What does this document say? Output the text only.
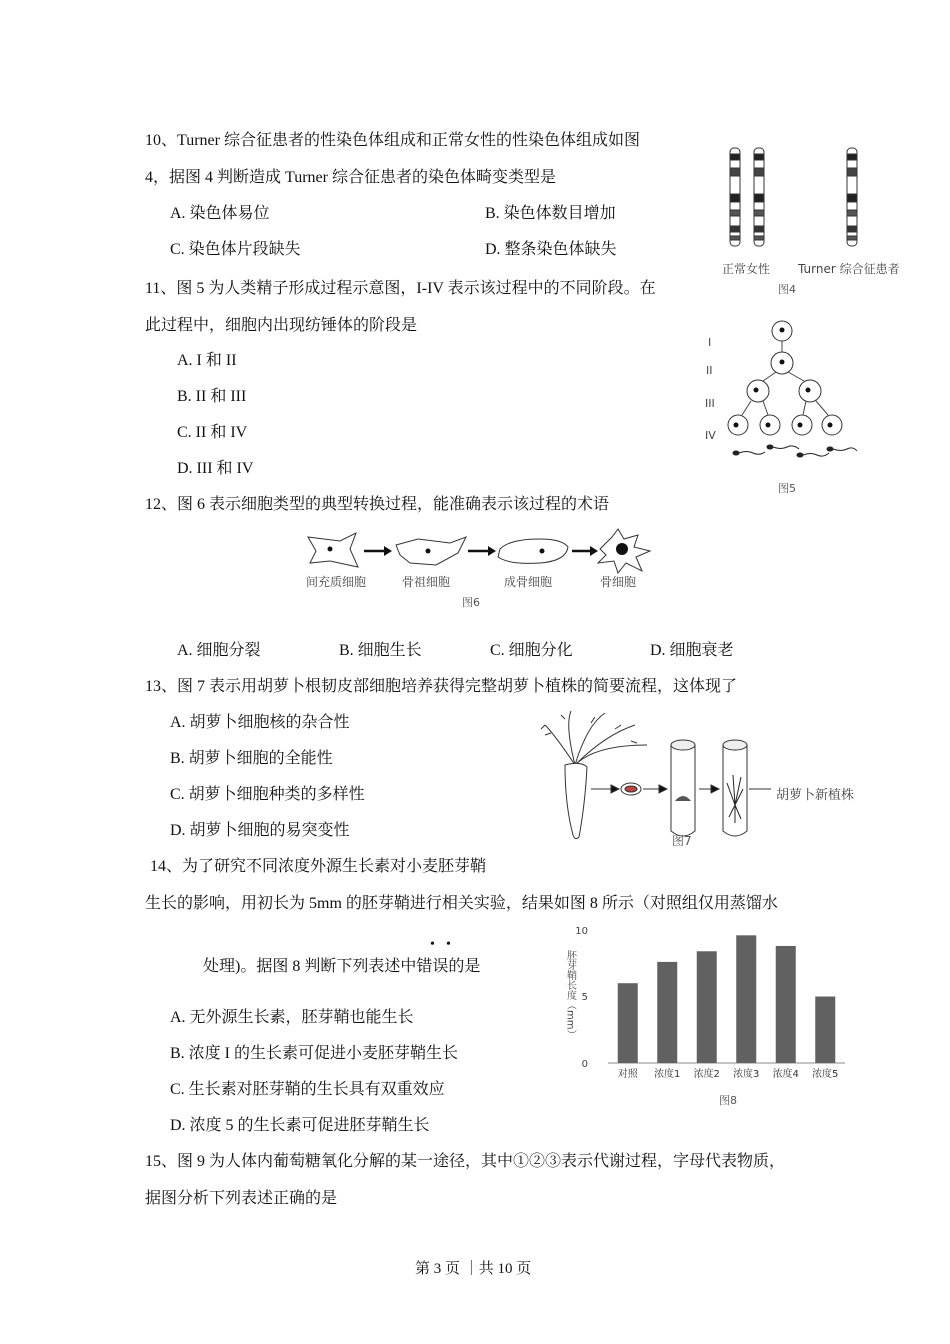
10、Turner 综合征患者的性染色体组成和正常女性的性染色体组成如图
4，据图 4 判断造成 Turner 综合征患者的染色体畸变类型是
A. 染色体易位	B. 染色体数目增加
C. 染色体片段缺失	D. 整条染色体缺失
正常女性 Turner 综合征患者
图4
11、图 5 为人类精子形成过程示意图，I-IV 表示该过程中的不同阶段。在
此过程中，细胞内出现纺锤体的阶段是
A. I 和 II
B. II 和 III
C. II 和 IV
D. III 和 IV
I
II
III
IV
图5
12、图 6 表示细胞类型的典型转换过程，能准确表示该过程的术语
间充质细胞	骨祖细胞	成骨细胞	骨细胞
图6
A. 细胞分裂	B. 细胞生长	C. 细胞分化	D. 细胞衰老
13、图 7 表示用胡萝卜根韧皮部细胞培养获得完整胡萝卜植株的简要流程，这体现了
A. 胡萝卜细胞核的杂合性
B. 胡萝卜细胞的全能性
C. 胡萝卜细胞种类的多样性
D. 胡萝卜细胞的易突变性
胡萝卜新植株
图7
14、为了研究不同浓度外源生长素对小麦胚芽鞘
生长的影响，用初长为 5mm 的胚芽鞘进行相关实验，结果如图 8 所示（对照组仅用蒸馏水
处理)。据图 8 判断下列表述中错误的是
• •
A. 无外源生长素，胚芽鞘也能生长
B. 浓度 I 的生长素可促进小麦胚芽鞘生长
C. 生长素对胚芽鞘的生长具有双重效应
D. 浓度 5 的生长素可促进胚芽鞘生长
0
5
10
胚芽鞘长度（mm）
对照 浓度1 浓度2 浓度3 浓度4 浓度5
图8
15、图 9 为人体内葡萄糖氧化分解的某一途径，其中①②③表示代谢过程，字母代表物质，
据图分析下列表述正确的是
第 3 页 ｜共 10 页
